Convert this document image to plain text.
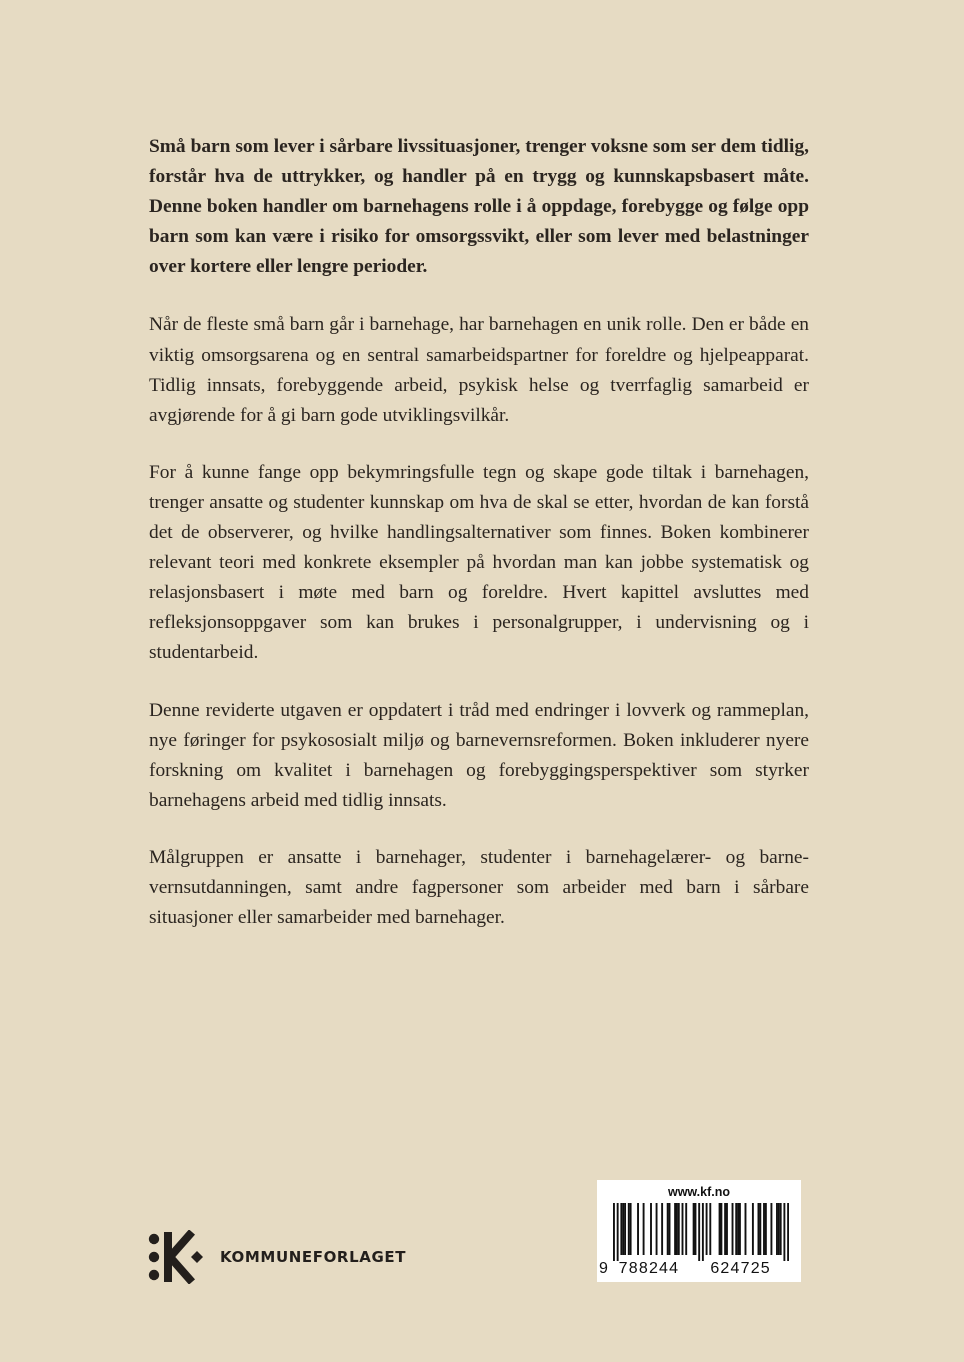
Små barn som lever i sårbare livssituasjoner, trenger voksne som ser dem tidlig, forstår hva de uttrykker, og handler på en trygg og kunnskapsbasert måte. Denne boken handler om barnehagens rolle i å oppdage, forebygge og følge opp barn som kan være i risiko for omsorgssvikt, eller som lever med belastninger over kortere eller lengre perioder.

Når de fleste små barn går i barnehage, har barnehagen en unik rolle. Den er både en viktig omsorgsarena og en sentral samarbeidspartner for foreldre og hjelpeapparat. Tidlig innsats, forebyggende arbeid, psykisk helse og tverrfaglig samarbeid er avgjørende for å gi barn gode utviklingsvilkår.

For å kunne fange opp bekymringsfulle tegn og skape gode tiltak i barnehagen, trenger ansatte og studenter kunnskap om hva de skal se etter, hvordan de kan forstå det de observerer, og hvilke handlingsalternativer som finnes. Boken kombinerer relevant teori med konkrete eksempler på hvordan man kan jobbe systematisk og relasjonsbasert i møte med barn og foreldre. Hvert kapittel avsluttes med refleksjonsoppgaver som kan brukes i personalgrupper, i undervisning og i studentarbeid.

Denne reviderte utgaven er oppdatert i tråd med endringer i lovverk og rammeplan, nye føringer for psykososialt miljø og barnevernsreformen. Boken inkluderer nyere forskning om kvalitet i barnehagen og forebyggingsperspektiver som styrker barnehagens arbeid med tidlig innsats.

Målgruppen er ansatte i barnehager, studenter i barnehagelærer- og barnevernsutdanningen, samt andre fagpersoner som arbeider med barn i sårbare situasjoner eller samarbeider med barnehager.

KOMMUNEFORLAGET
www.kf.no
9 788244 624725
